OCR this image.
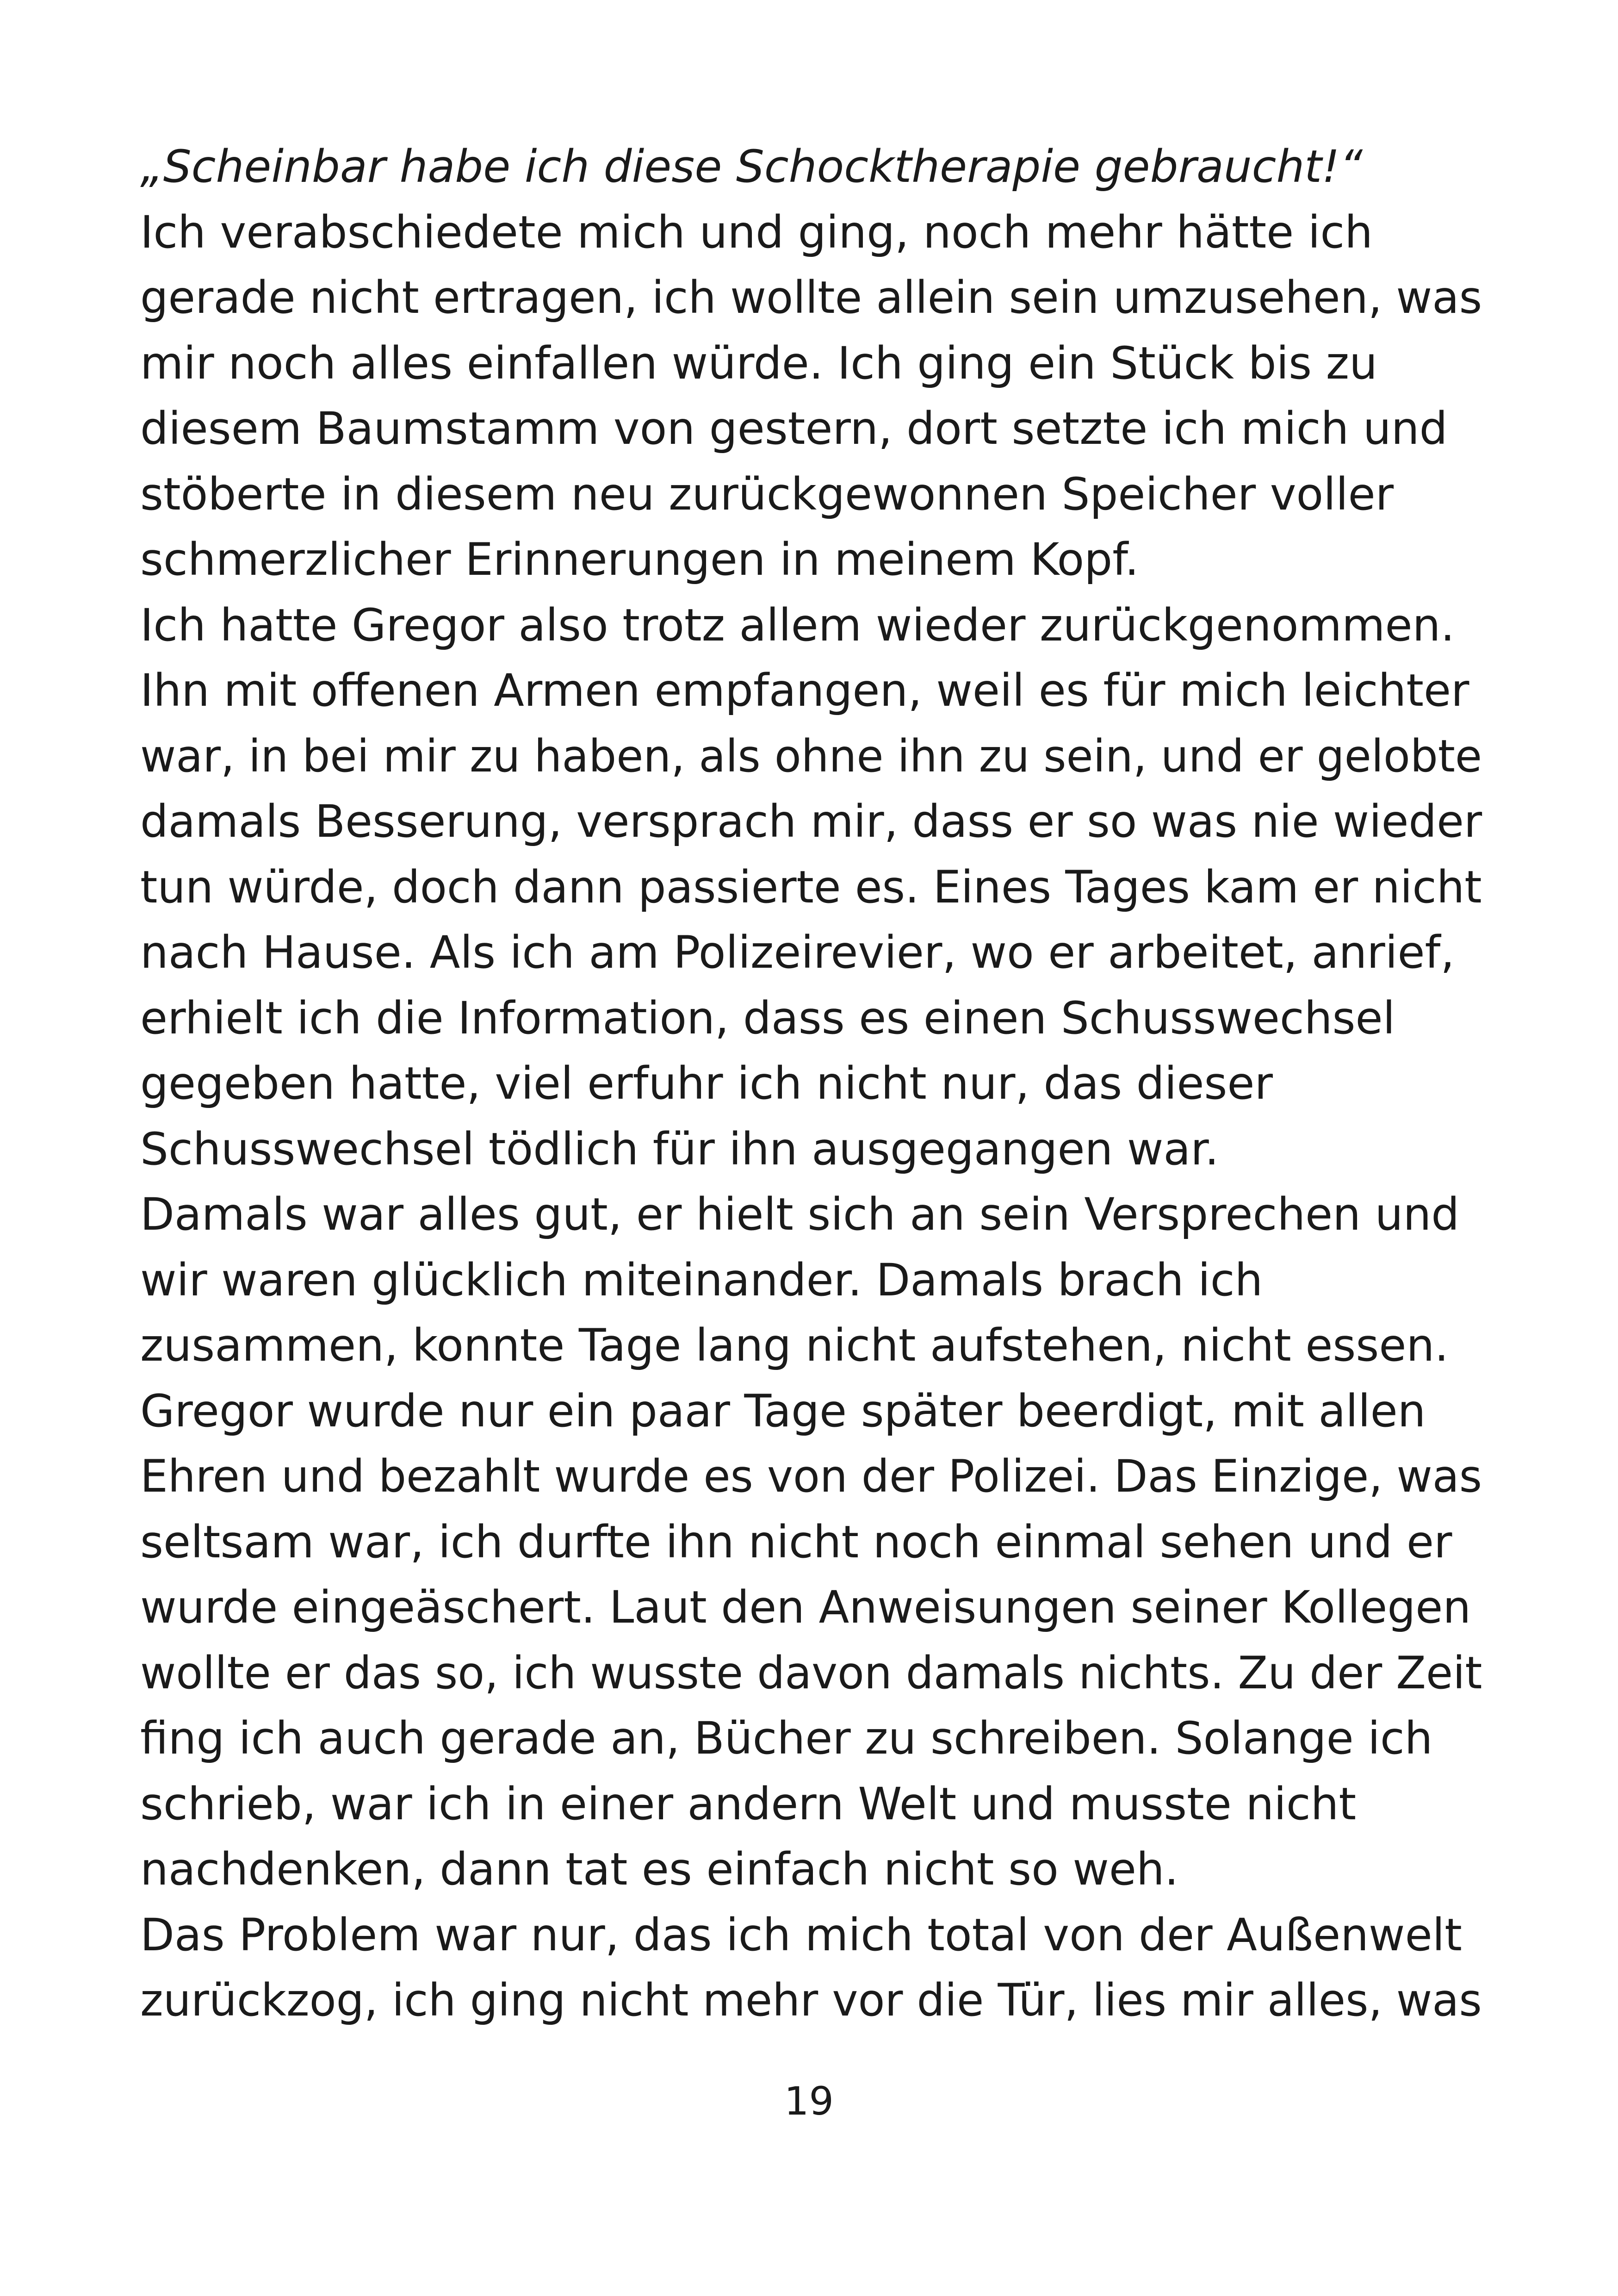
„Scheinbar habe ich diese Schocktherapie gebraucht!“
Ich verabschiedete mich und ging, noch mehr hätte ich
gerade nicht ertragen, ich wollte allein sein umzusehen, was
mir noch alles einfallen würde. Ich ging ein Stück bis zu
diesem Baumstamm von gestern, dort setzte ich mich und
stöberte in diesem neu zurückgewonnen Speicher voller
schmerzlicher Erinnerungen in meinem Kopf.
Ich hatte Gregor also trotz allem wieder zurückgenommen.
Ihn mit offenen Armen empfangen, weil es für mich leichter
war, in bei mir zu haben, als ohne ihn zu sein, und er gelobte
damals Besserung, versprach mir, dass er so was nie wieder
tun würde, doch dann passierte es. Eines Tages kam er nicht
nach Hause. Als ich am Polizeirevier, wo er arbeitet, anrief,
erhielt ich die Information, dass es einen Schusswechsel
gegeben hatte, viel erfuhr ich nicht nur, das dieser
Schusswechsel tödlich für ihn ausgegangen war.
Damals war alles gut, er hielt sich an sein Versprechen und
wir waren glücklich miteinander. Damals brach ich
zusammen, konnte Tage lang nicht aufstehen, nicht essen.
Gregor wurde nur ein paar Tage später beerdigt, mit allen
Ehren und bezahlt wurde es von der Polizei. Das Einzige, was
seltsam war, ich durfte ihn nicht noch einmal sehen und er
wurde eingeäschert. Laut den Anweisungen seiner Kollegen
wollte er das so, ich wusste davon damals nichts. Zu der Zeit
fing ich auch gerade an, Bücher zu schreiben. Solange ich
schrieb, war ich in einer andern Welt und musste nicht
nachdenken, dann tat es einfach nicht so weh.
Das Problem war nur, das ich mich total von der Außenwelt
zurückzog, ich ging nicht mehr vor die Tür, lies mir alles, was
19
